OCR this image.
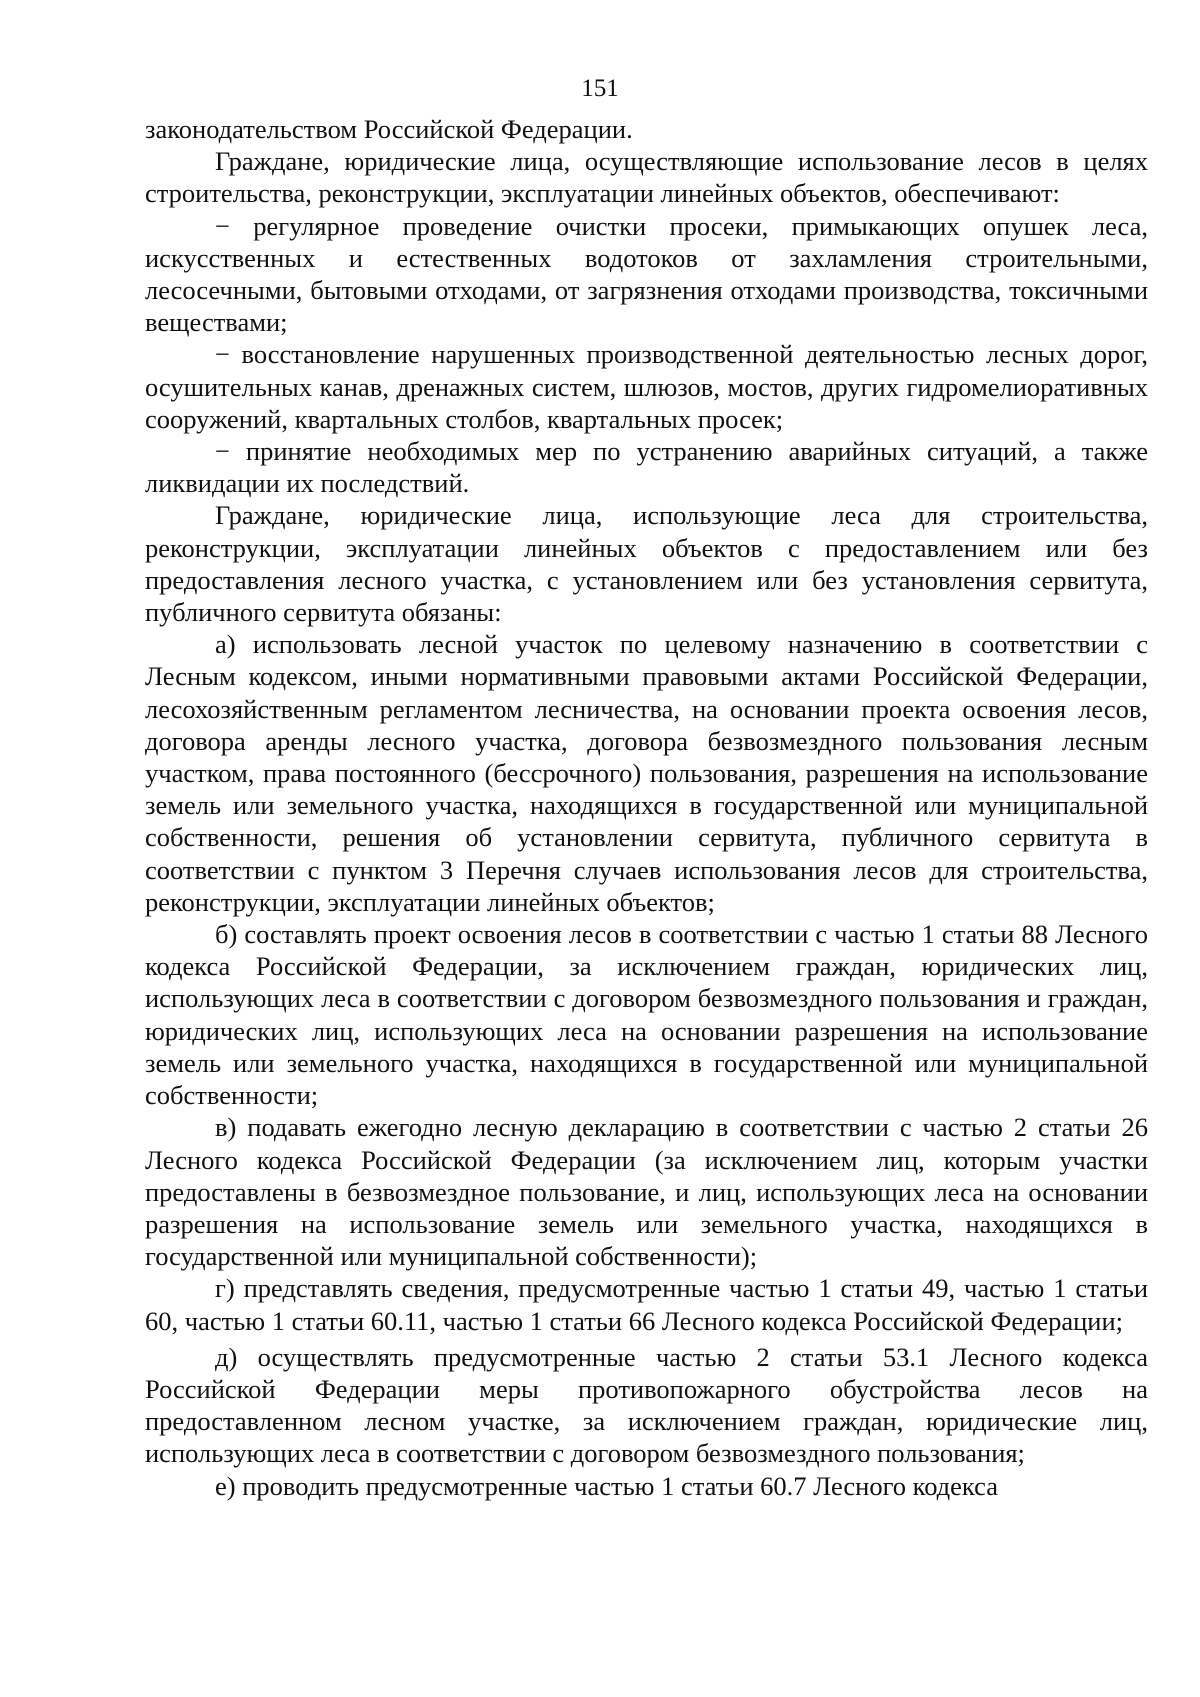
151

законодательством Российской Федерации.

Граждане, юридические лица, осуществляющие использование лесов в целях строительства, реконструкции, эксплуатации линейных объектов, обеспечивают:

− регулярное проведение очистки просеки, примыкающих опушек леса, искусственных и естественных водотоков от захламления строительными, лесосечными, бытовыми отходами, от загрязнения отходами производства, токсичными веществами;

− восстановление нарушенных производственной деятельностью лесных дорог, осушительных канав, дренажных систем, шлюзов, мостов, других гидромелиоративных сооружений, квартальных столбов, квартальных просек;

− принятие необходимых мер по устранению аварийных ситуаций, а также ликвидации их последствий.

Граждане, юридические лица, использующие леса для строительства, реконструкции, эксплуатации линейных объектов с предоставлением или без предоставления лесного участка, с установлением или без установления сервитута, публичного сервитута обязаны:

а) использовать лесной участок по целевому назначению в соответствии с Лесным кодексом, иными нормативными правовыми актами Российской Федерации, лесохозяйственным регламентом лесничества, на основании проекта освоения лесов, договора аренды лесного участка, договора безвозмездного пользования лесным участком, права постоянного (бессрочного) пользования, разрешения на использование земель или земельного участка, находящихся в государственной или муниципальной собственности, решения об установлении сервитута, публичного сервитута в соответствии с пунктом 3 Перечня случаев использования лесов для строительства, реконструкции, эксплуатации линейных объектов;

б) составлять проект освоения лесов в соответствии с частью 1 статьи 88 Лесного кодекса Российской Федерации, за исключением граждан, юридических лиц, использующих леса в соответствии с договором безвозмездного пользования и граждан, юридических лиц, использующих леса на основании разрешения на использование земель или земельного участка, находящихся в государственной или муниципальной собственности;

в) подавать ежегодно лесную декларацию в соответствии с частью 2 статьи 26 Лесного кодекса Российской Федерации (за исключением лиц, которым участки предоставлены в безвозмездное пользование, и лиц, использующих леса на основании разрешения на использование земель или земельного участка, находящихся в государственной или муниципальной собственности);

г) представлять сведения, предусмотренные частью 1 статьи 49, частью 1 статьи 60, частью 1 статьи 60.11, частью 1 статьи 66 Лесного кодекса Российской Федерации;

д) осуществлять предусмотренные частью 2 статьи 53.1 Лесного кодекса Российской Федерации меры противопожарного обустройства лесов на предоставленном лесном участке, за исключением граждан, юридические лиц, использующих леса в соответствии с договором безвозмездного пользования;

е) проводить предусмотренные частью 1 статьи 60.7 Лесного кодекса
